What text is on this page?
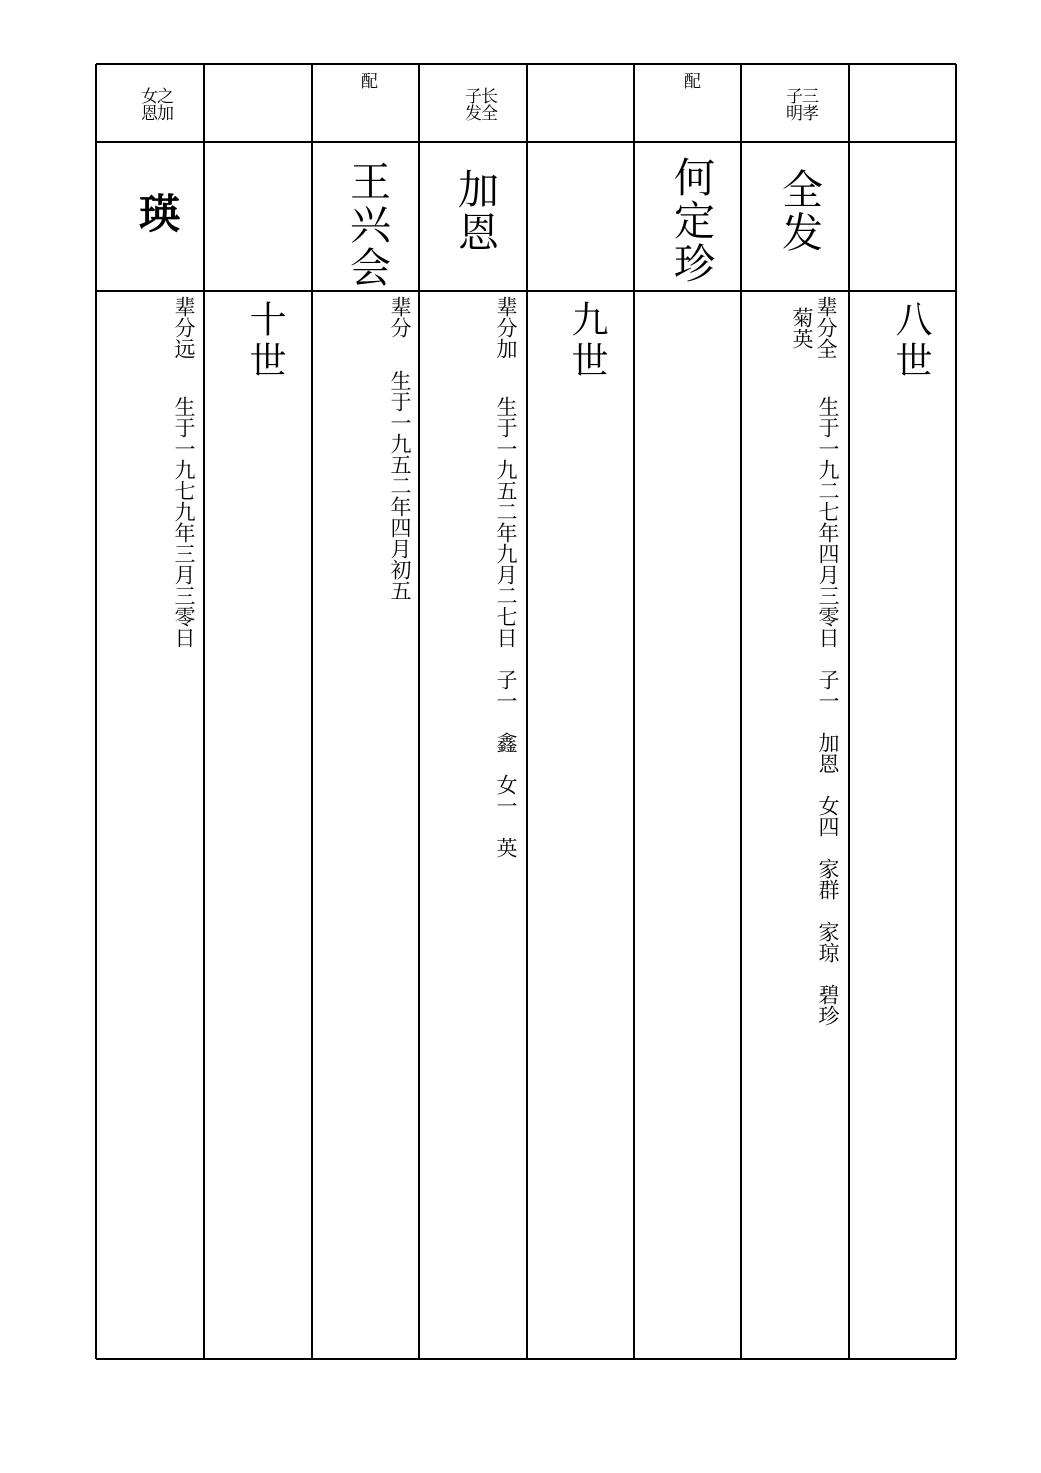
八世
三孝
子明
全发
辈分全
菊英
生于一九二七年四月三零日　子一　加恩　女四　家群　家琼　碧珍
配
何定珍
九世
长全
子发
加恩
辈分加
生于一九五二年九月二七日　子一　鑫　女一　英
配
王兴会
辈分
生于一九五二年四月初五
十世
之加
女恩
瑛
辈分远
生于一九七九年三月三零日
